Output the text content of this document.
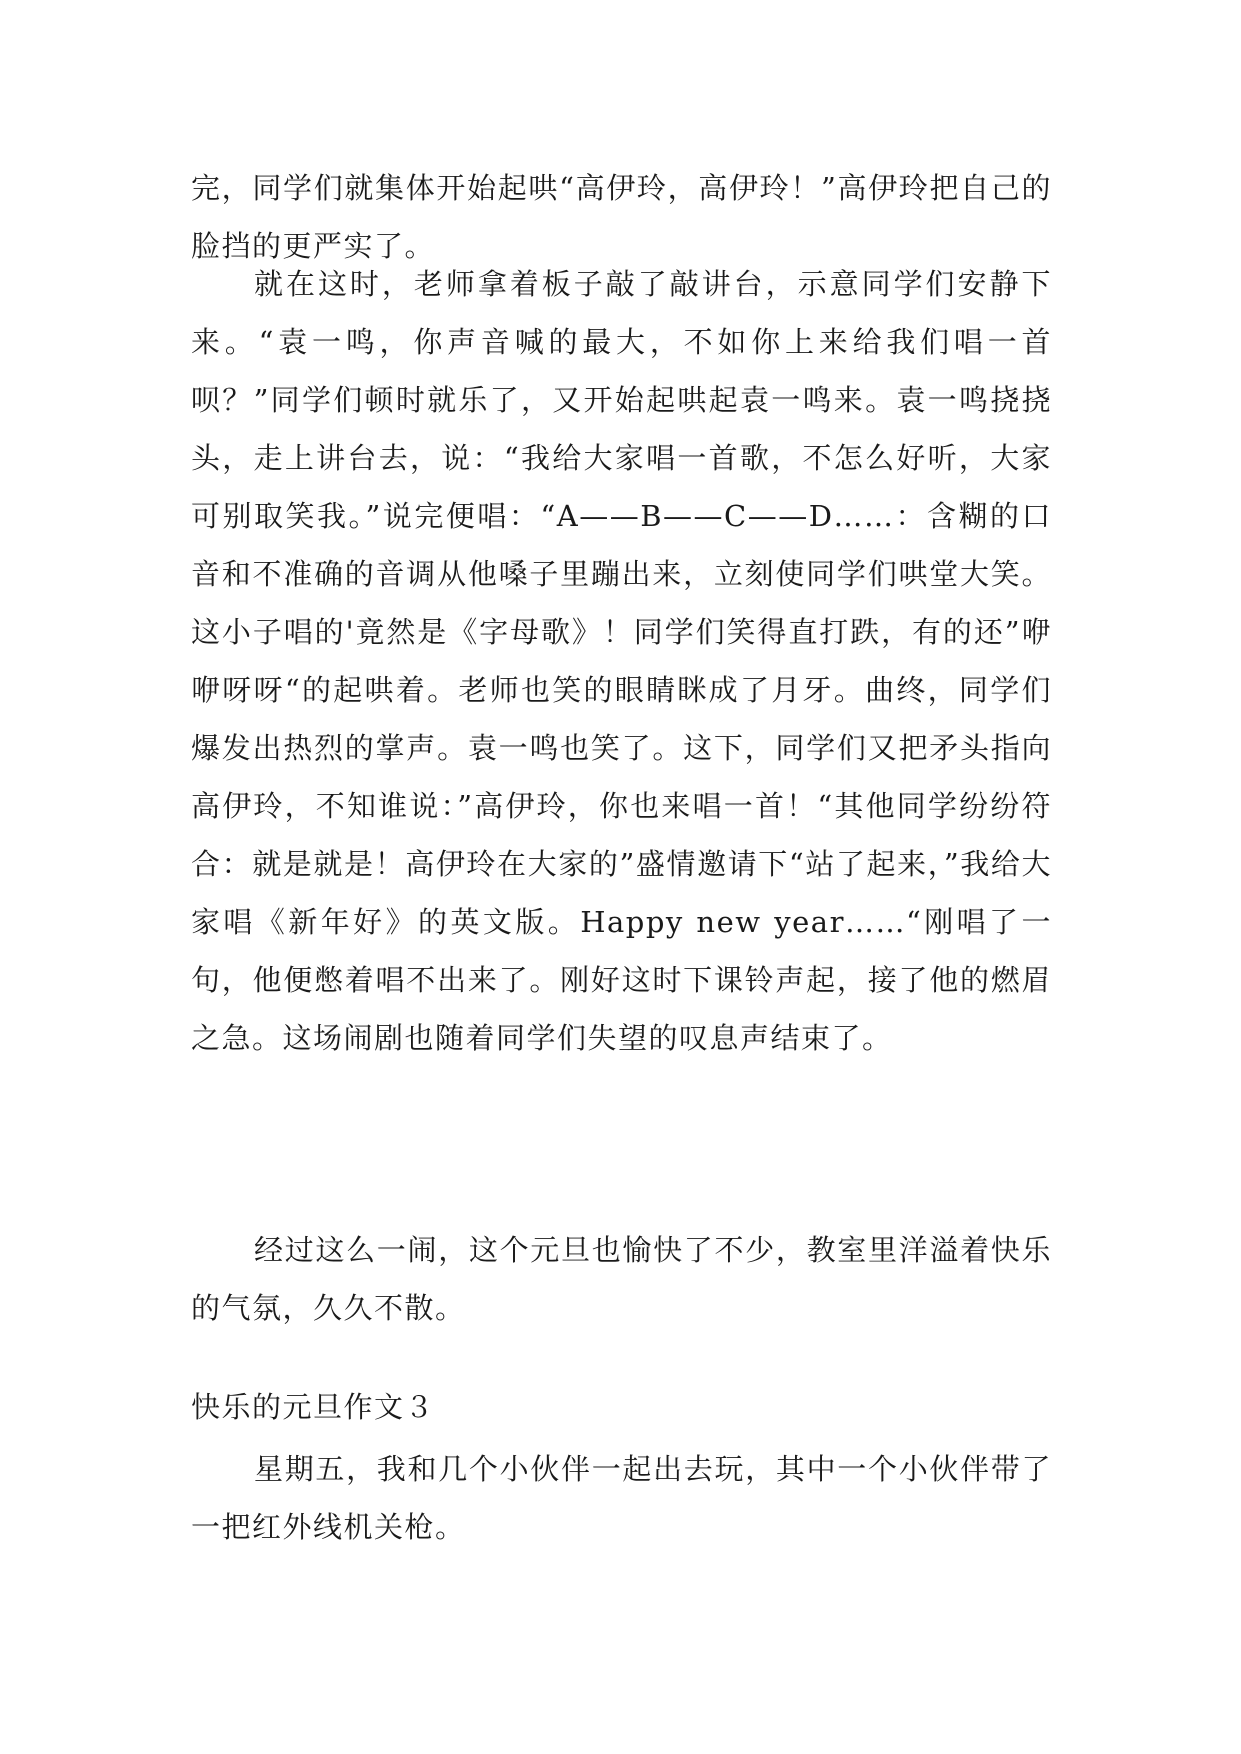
完，同学们就集体开始起哄“高伊玲，高伊玲！”高伊玲把自己的脸挡的更严实了。

就在这时，老师拿着板子敲了敲讲台，示意同学们安静下来。“袁一鸣，你声音喊的最大，不如你上来给我们唱一首呗？”同学们顿时就乐了，又开始起哄起袁一鸣来。袁一鸣挠挠头，走上讲台去，说：“我给大家唱一首歌，不怎么好听，大家可别取笑我。”说完便唱：“A——B——C——D……：含糊的口音和不准确的音调从他嗓子里蹦出来，立刻使同学们哄堂大笑。这小子唱的'竟然是《字母歌》！同学们笑得直打跌，有的还”咿咿呀呀“的起哄着。老师也笑的眼睛眯成了月牙。曲终，同学们爆发出热烈的掌声。袁一鸣也笑了。这下，同学们又把矛头指向高伊玲，不知谁说：”高伊玲，你也来唱一首！“其他同学纷纷符合：就是就是！高伊玲在大家的”盛情邀请下“站了起来，”我给大家唱《新年好》的英文版。Happy new year……“刚唱了一句，他便憋着唱不出来了。刚好这时下课铃声起，接了他的燃眉之急。这场闹剧也随着同学们失望的叹息声结束了。

经过这么一闹，这个元旦也愉快了不少，教室里洋溢着快乐的气氛，久久不散。

快乐的元旦作文３

星期五，我和几个小伙伴一起出去玩，其中一个小伙伴带了一把红外线机关枪。
